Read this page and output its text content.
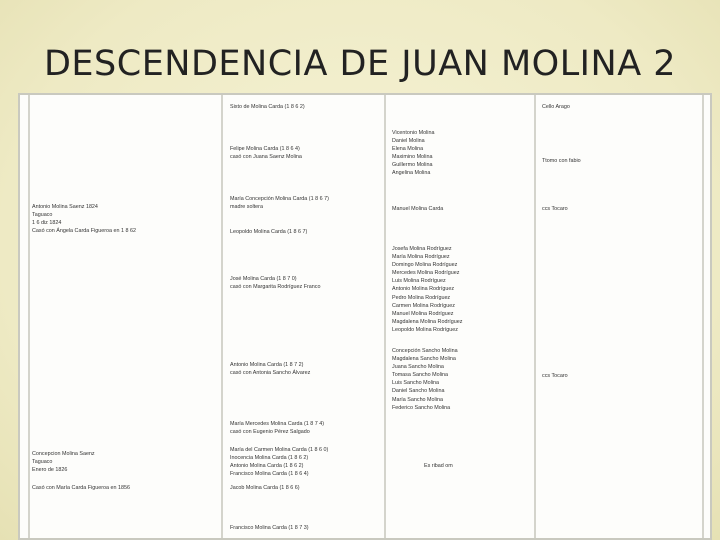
DESCENDENCIA DE JUAN MOLINA 2
Antonio Molina Saenz 1824
Taguaco
1 6 diz 1824
Casó con Ángela Carda Figueroa en 1 8 62
Concepcion Molina Saenz
Taguaco
Enero de 1826
Casó con María Carda Figueroa en 1856
Sixto de Molina Carda (1 8 6 2)
Felipe Molina Carda (1 8 6 4)
casó con Juana Saenz Molina
María Concepción Molina Carda (1 8 6 7)
madre soltera
Leopoldo Molina Carda (1 8 6 7)
José Molina Carda (1 8 7 0)
casó con Margarita Rodríguez Franco
Antonio Molina Carda (1 8 7 2)
casó con Antonia Sancho Álvarez
María Mercedes Molina Carda (1 8 7 4)
casó con Eugenio Pérez Salgado
María del Carmen Molina Carda (1 8 6 0)
Inocencia Molina Carda (1 8 6 2)
Antonio Molina Carda (1 8 6 2)
Francisco Molina Carda (1 8 6 4)
Jacob Molina Carda (1 8 6 6)
Francisco Molina Carda (1 8 7 3)
Vicentonio Molina
Daniel Molina
Elena Molina
Maximino Molina
Guillermo Molina
Angelina Molina
Manuel Molina Carda
Josefa Molina Rodríguez
María Molina Rodríguez
Domingo Molina Rodríguez
Mercedes Molina Rodríguez
Luis Molina Rodríguez
Antonio Molina Rodríguez
Pedro Molina Rodríguez
Carmen Molina Rodríguez
Manuel Molina Rodríguez
Magdalena Molina Rodríguez
Leopoldo Molina Rodríguez
Concepción Sancho Molina
Magdalena Sancho Molina
Juana Sancho Molina
Tomasa Sancho Molina
Luis Sancho Molina
Daniel Sancho Molina
María Sancho Molina
Federico Sancho Molina
Es ribad om
Cello Arago
Ttomo con fabio
ccs Tocaro
ccs Tocaro
